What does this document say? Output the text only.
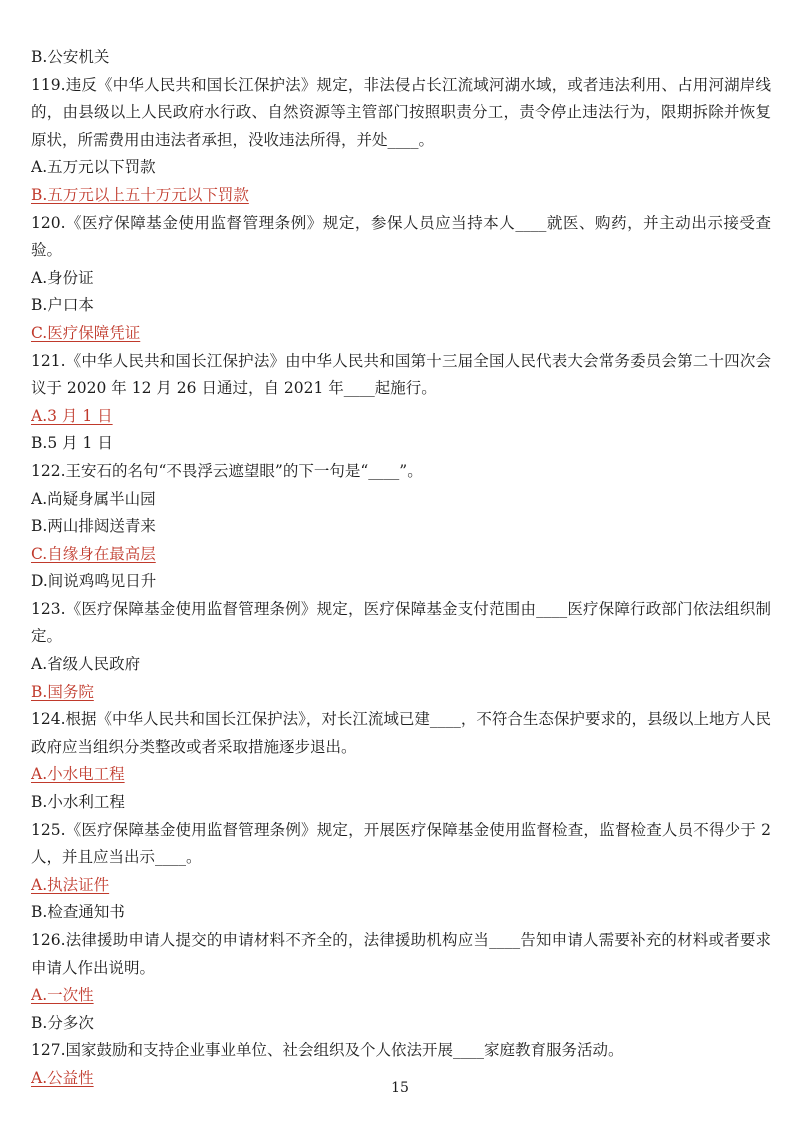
B.公安机关
119.违反《中华人民共和国长江保护法》规定，非法侵占长江流域河湖水域，或者违法利用、占用河湖岸线的，由县级以上人民政府水行政、自然资源等主管部门按照职责分工，责令停止违法行为，限期拆除并恢复原状，所需费用由违法者承担，没收违法所得，并处____。
A.五万元以下罚款
B.五万元以上五十万元以下罚款
120.《医疗保障基金使用监督管理条例》规定，参保人员应当持本人____就医、购药，并主动出示接受查验。
A.身份证
B.户口本
C.医疗保障凭证
121.《中华人民共和国长江保护法》由中华人民共和国第十三届全国人民代表大会常务委员会第二十四次会议于 2020 年 12 月 26 日通过，自 2021 年____起施行。
A.3 月 1 日
B.5 月 1 日
122.王安石的名句“不畏浮云遮望眼”的下一句是“____”。
A.尚疑身属半山园
B.两山排闼送青来
C.自缘身在最高层
D.间说鸡鸣见日升
123.《医疗保障基金使用监督管理条例》规定，医疗保障基金支付范围由____医疗保障行政部门依法组织制定。
A.省级人民政府
B.国务院
124.根据《中华人民共和国长江保护法》，对长江流域已建____，不符合生态保护要求的，县级以上地方人民政府应当组织分类整改或者采取措施逐步退出。
A.小水电工程
B.小水利工程
125.《医疗保障基金使用监督管理条例》规定，开展医疗保障基金使用监督检查，监督检查人员不得少于 2 人，并且应当出示____。
A.执法证件
B.检查通知书
126.法律援助申请人提交的申请材料不齐全的，法律援助机构应当____告知申请人需要补充的材料或者要求申请人作出说明。
A.一次性
B.分多次
127.国家鼓励和支持企业事业单位、社会组织及个人依法开展____家庭教育服务活动。
A.公益性
15
